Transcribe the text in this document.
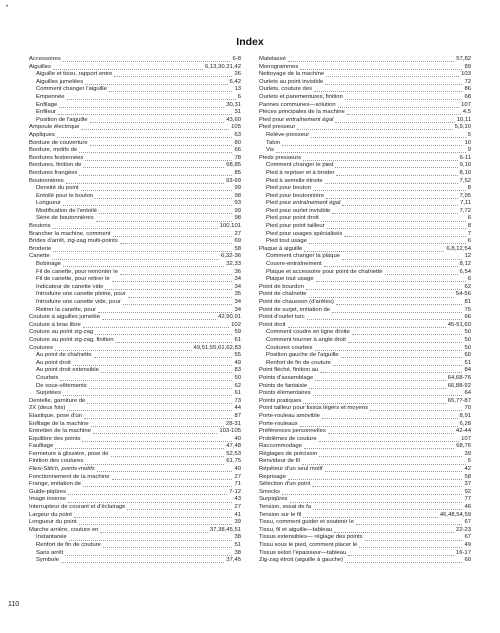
•
Index
Accessoires	6-8
Aiguilles	6,13,30,31,42
Aiguille et tissu, rapport entre	26
Aiguilles jumelées	6,42
Comment changer l'aiguille	13
Empennée	6
Enfilage	30,31
Enfileur	31
Position de l'aiguille	43,60
Ampoule électrique	105
Appliques	63
Bordure de couverture	80
Bordure, motifs de	66
Bordures festonnées	78
Bordures, finition de	68,85
Bordures frangées	85
Boutonnières	93-99
Densité du point	99
Entoilé pour le bouton	98
Longueur	93
Modification de l'entoilé	99
Série de boutonnières	98
Boutons	100,101
Brancher la machine, comment	27
Brides d'arrêt, zig-zag multi-points	69
Broderie	58
Canette	6,32-36
Bobinage	32,33
Fil de canette, pour remonter le	36
Fil de canette, pour retirer le	34
Indicateur de canette vide	34
Introduire une canette pleine, pour	35
Introduire une canette vide, pour	34
Retirer la canette, pour	34
Couture à aiguilles jumelée	42,90,91
Couture à bras libre	102
Couture au point zig-zag	59
Couture au point zig-zag, finition	61
Coutures	49,51,55,61,62,83
Au point de chaînette	55
Au point droit	49
Au point droit extensible	83
Courbes	50
De sous-vêtements	62
Surjetées	61
Dentelle, garniture de	73
2X (deux fois)	44
Élastique, pose d'un	87
Enfilage de la machine	28-31
Entretien de la machine	103-105
Équilibre des points	40
Faufilage	47,48
Fermeture à glissière, pose de	52,53
Finition des coutures	61,75
Flexi-Stitch, points-motifs	40
Fonctionnement de la machine	27
Frange, imitation de	71
Guide-piqûres	7-12
Image inverse	43
Interrupteur de courant et d'éclairage	27
Largeur du point	41
Longueur du point	39
Marche arrière, couture en	37,38,45,51
Instantanée	38
Renfort de fin de couture	51
Sans arrêt	38
Symbole	37,45
Matelassé	57,82
Monogrammes	89
Nettoyage de la machine	103
Ourlets au point invisible	72
Ourlets, couture des	86
Ourlets et parementures, finition	68
Pannes communes—solution	107
Pièces principales de la machine	4,5
Pied pour entraînement égal	10,11
Pied presseur	5,9,10
Relève-presseur	5
Talon	10
Vis	9
Pieds presseurs	6-11
Comment changer le pied	9,10
Pied à repriser et à broder	8,10
Pied à semelle étroite	7,52
Pied pour bouton	8
Pied pour boutonnière	7,95
Pied pour entraînement égal	7,11
Pied pour ourlet invisible	7,72
Pied pour point droit	6
Pied pour point tailleur	8
Pied pour usages spécialisés	7
Pied tout usage	6
Plaque à aiguille	6,8,12,54
Comment changer la plaque	12
Couvre-entraînement	8,12
Plaque et accessoire pour point de chaînette	6,54
Plaque tout usage	6
Point de bourdon	62
Point de chaînette	54-56
Point de chausson (d'arêtes)	81
Point de surjet, imitation de	75
Point d'ourlet turc	66
Point droit	45-51,60
Comment coudre en ligne droite	50
Comment tourner à angle droit	50
Coutures courbes	50
Position gauche de l'aiguille	60
Renfort de fin de couture	51
Point fléché, finition au	84
Points d'assemblage	64,68-76
Points de fantaisie	66,88-92
Points élémentaires	64
Points pratiques	65,77-87
Point tailleur pour tissus légers et moyens	70
Porte-rouleau amovible	8,91
Porte-rouleaux	6,28
Préférences personnelles	42-44
Problèmes de couture	107
Raccommodage	68,76
Réglages de précision	39
Renvideur de fil	5
Répéteur d'un seul motif	42
Reprisage	58
Sélection d'un point	37
Smocks	92
Surpiqûres	77
Tension, essai de fa	46
Tension sur le fil	46,48,54,59
Tissu, comment guider et soutenir le	67
Tissu, fil et aiguille—tableau	22-23
Tissus extensibles— réglage des points	67
Tissu sous le pied, comment placer le	49
Tissus selon l'épaisseur—tableau	16-17
Zig-zag étroit (aiguille à gauche)	60
110
